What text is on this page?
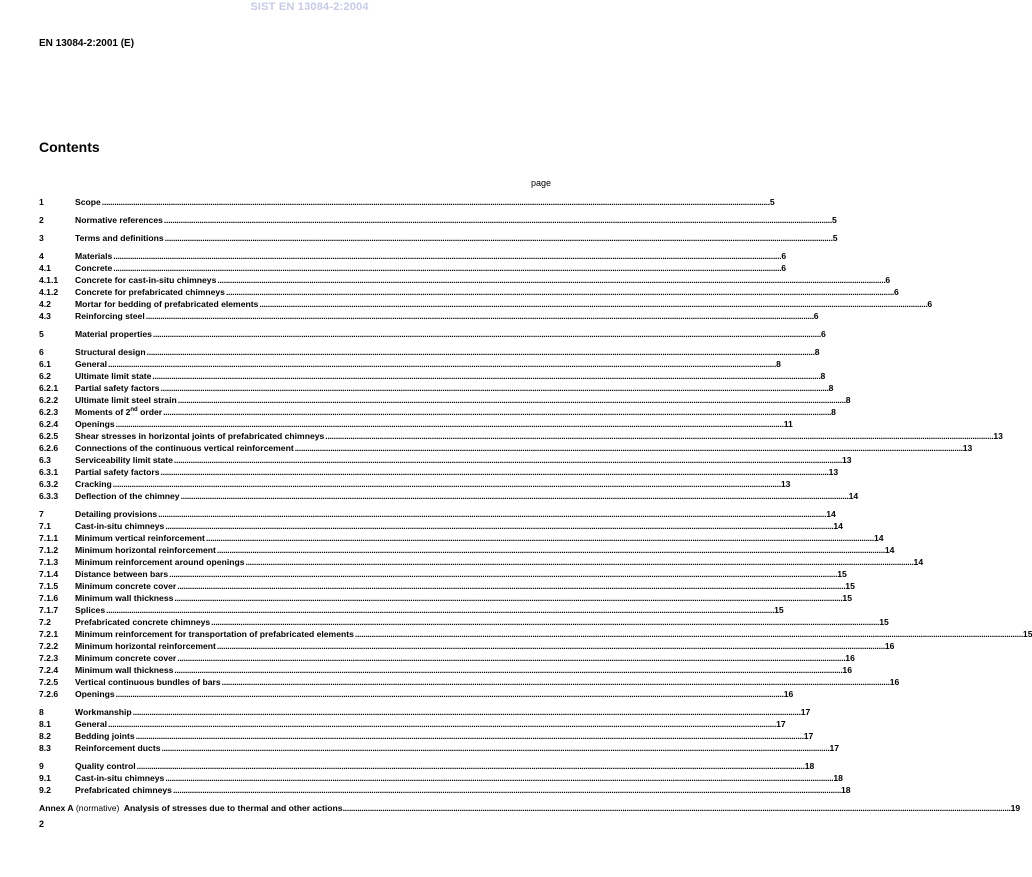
SIST EN 13084-2:2004
EN 13084-2:2001 (E)
Contents
page
1	Scope ................................................................................................................................................................................................................................................................................................................................ 5
2	Normative references ................................................................................................................................................................................................................................................................................................................................ 5
3	Terms and definitions ................................................................................................................................................................................................................................................................................................................................ 5
4	Materials ................................................................................................................................................................................................................................................................................................................................ 6
4.1	Concrete ................................................................................................................................................................................................................................................................................................................................ 6
4.1.1	Concrete for cast-in-situ chimneys ................................................................................................................................................................................................................................................................................................................................ 6
4.1.2	Concrete for prefabricated chimneys ................................................................................................................................................................................................................................................................................................................................ 6
4.2	Mortar for bedding of prefabricated elements ................................................................................................................................................................................................................................................................................................................................ 6
4.3	Reinforcing steel ................................................................................................................................................................................................................................................................................................................................ 6
5	Material properties ................................................................................................................................................................................................................................................................................................................................ 6
6	Structural design ................................................................................................................................................................................................................................................................................................................................ 8
6.1	General ................................................................................................................................................................................................................................................................................................................................ 8
6.2	Ultimate limit state ................................................................................................................................................................................................................................................................................................................................ 8
6.2.1	Partial safety factors ................................................................................................................................................................................................................................................................................................................................ 8
6.2.2	Ultimate limit steel strain ................................................................................................................................................................................................................................................................................................................................ 8
6.2.3	Moments of 2nd order ................................................................................................................................................................................................................................................................................................................................ 8
6.2.4	Openings ................................................................................................................................................................................................................................................................................................................................ 11
6.2.5	Shear stresses in horizontal joints of prefabricated chimneys ................................................................................................................................................................................................................................................................................................................................ 13
6.2.6	Connections of the continuous vertical reinforcement ................................................................................................................................................................................................................................................................................................................................ 13
6.3	Serviceability limit state ................................................................................................................................................................................................................................................................................................................................ 13
6.3.1	Partial safety factors ................................................................................................................................................................................................................................................................................................................................ 13
6.3.2	Cracking ................................................................................................................................................................................................................................................................................................................................ 13
6.3.3	Deflection of the chimney ................................................................................................................................................................................................................................................................................................................................ 14
7	Detailing provisions ................................................................................................................................................................................................................................................................................................................................ 14
7.1	Cast-in-situ chimneys ................................................................................................................................................................................................................................................................................................................................ 14
7.1.1	Minimum vertical reinforcement ................................................................................................................................................................................................................................................................................................................................ 14
7.1.2	Minimum horizontal reinforcement ................................................................................................................................................................................................................................................................................................................................ 14
7.1.3	Minimum reinforcement around openings ................................................................................................................................................................................................................................................................................................................................ 14
7.1.4	Distance between bars ................................................................................................................................................................................................................................................................................................................................ 15
7.1.5	Minimum concrete cover ................................................................................................................................................................................................................................................................................................................................ 15
7.1.6	Minimum wall thickness ................................................................................................................................................................................................................................................................................................................................ 15
7.1.7	Splices ................................................................................................................................................................................................................................................................................................................................ 15
7.2	Prefabricated concrete chimneys ................................................................................................................................................................................................................................................................................................................................ 15
7.2.1	Minimum reinforcement for transportation of prefabricated elements ................................................................................................................................................................................................................................................................................................................................ 15
7.2.2	Minimum horizontal reinforcement ................................................................................................................................................................................................................................................................................................................................ 16
7.2.3	Minimum concrete cover ................................................................................................................................................................................................................................................................................................................................ 16
7.2.4	Minimum wall thickness ................................................................................................................................................................................................................................................................................................................................ 16
7.2.5	Vertical continuous bundles of bars ................................................................................................................................................................................................................................................................................................................................ 16
7.2.6	Openings ................................................................................................................................................................................................................................................................................................................................ 16
8	Workmanship ................................................................................................................................................................................................................................................................................................................................ 17
8.1	General ................................................................................................................................................................................................................................................................................................................................ 17
8.2	Bedding joints ................................................................................................................................................................................................................................................................................................................................ 17
8.3	Reinforcement ducts ................................................................................................................................................................................................................................................................................................................................ 17
9	Quality control ................................................................................................................................................................................................................................................................................................................................ 18
9.1	Cast-in-situ chimneys ................................................................................................................................................................................................................................................................................................................................ 18
9.2	Prefabricated chimneys ................................................................................................................................................................................................................................................................................................................................ 18
Annex A (normative) Analysis of stresses due to thermal and other actions ................................................................................................................................................................................................................................................................................................................................ 19
2
